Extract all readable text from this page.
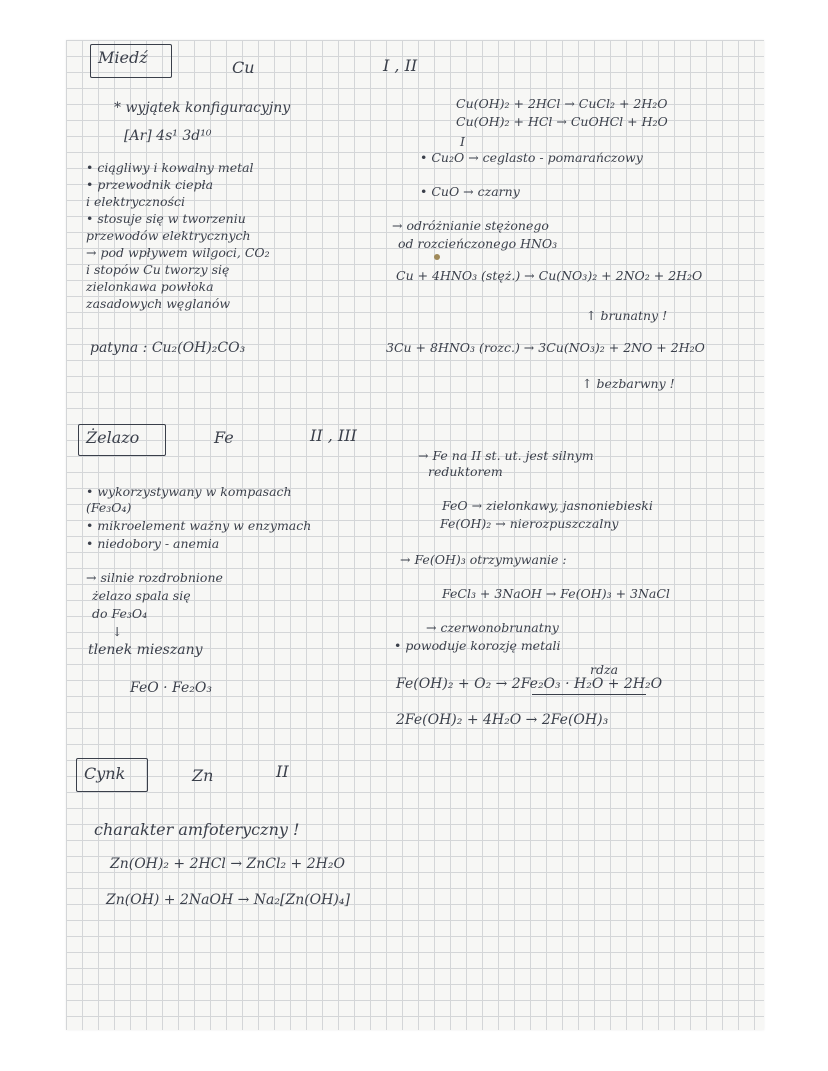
Miedź
Cu	I , II
* wyjątek konfiguracyjny
[Ar] 4s¹ 3d¹⁰
• ciągliwy i kowalny metal
• przewodnik ciepła
i elektryczności
• stosuje się w tworzeniu
przewodów elektrycznych
→ pod wpływem wilgoci, CO₂
i stopów Cu tworzy się
zielonkawa powłoka
zasadowych węglanów
patyna : Cu₂(OH)₂CO₃
Cu(OH)₂ + 2HCl → CuCl₂ + 2H₂O
Cu(OH)₂ + HCl → CuOHCl + H₂O
I
• Cu₂O → ceglasto - pomarańczowy
• CuO → czarny
→ odróżnianie stężonego
od rozcieńczonego HNO₃
Cu + 4HNO₃ (stęż.) → Cu(NO₃)₂ + 2NO₂ + 2H₂O
↑ brunatny !
3Cu + 8HNO₃ (rozc.) → 3Cu(NO₃)₂ + 2NO + 2H₂O
↑ bezbarwny !
Żelazo	Fe	II , III
• wykorzystywany w kompasach
(Fe₃O₄)
• mikroelement ważny w enzymach
• niedobory - anemia
→ silnie rozdrobnione
żelazo spala się
do Fe₃O₄
↓
tlenek mieszany
FeO · Fe₂O₃
→ Fe na II st. ut. jest silnym
reduktorem
FeO → zielonkawy, jasnoniebieski
Fe(OH)₂ → nierozpuszczalny
→ Fe(OH)₃ otrzymywanie :
FeCl₃ + 3NaOH → Fe(OH)₃ + 3NaCl
→ czerwonobrunatny
• powoduje korozję metali
rdza
Fe(OH)₂ + O₂ → 2Fe₂O₃ · H₂O + 2H₂O
2Fe(OH)₂ + 4H₂O → 2Fe(OH)₃
Cynk	Zn	II
charakter amfoteryczny !
Zn(OH)₂ + 2HCl → ZnCl₂ + 2H₂O
Zn(OH) + 2NaOH → Na₂[Zn(OH)₄]
